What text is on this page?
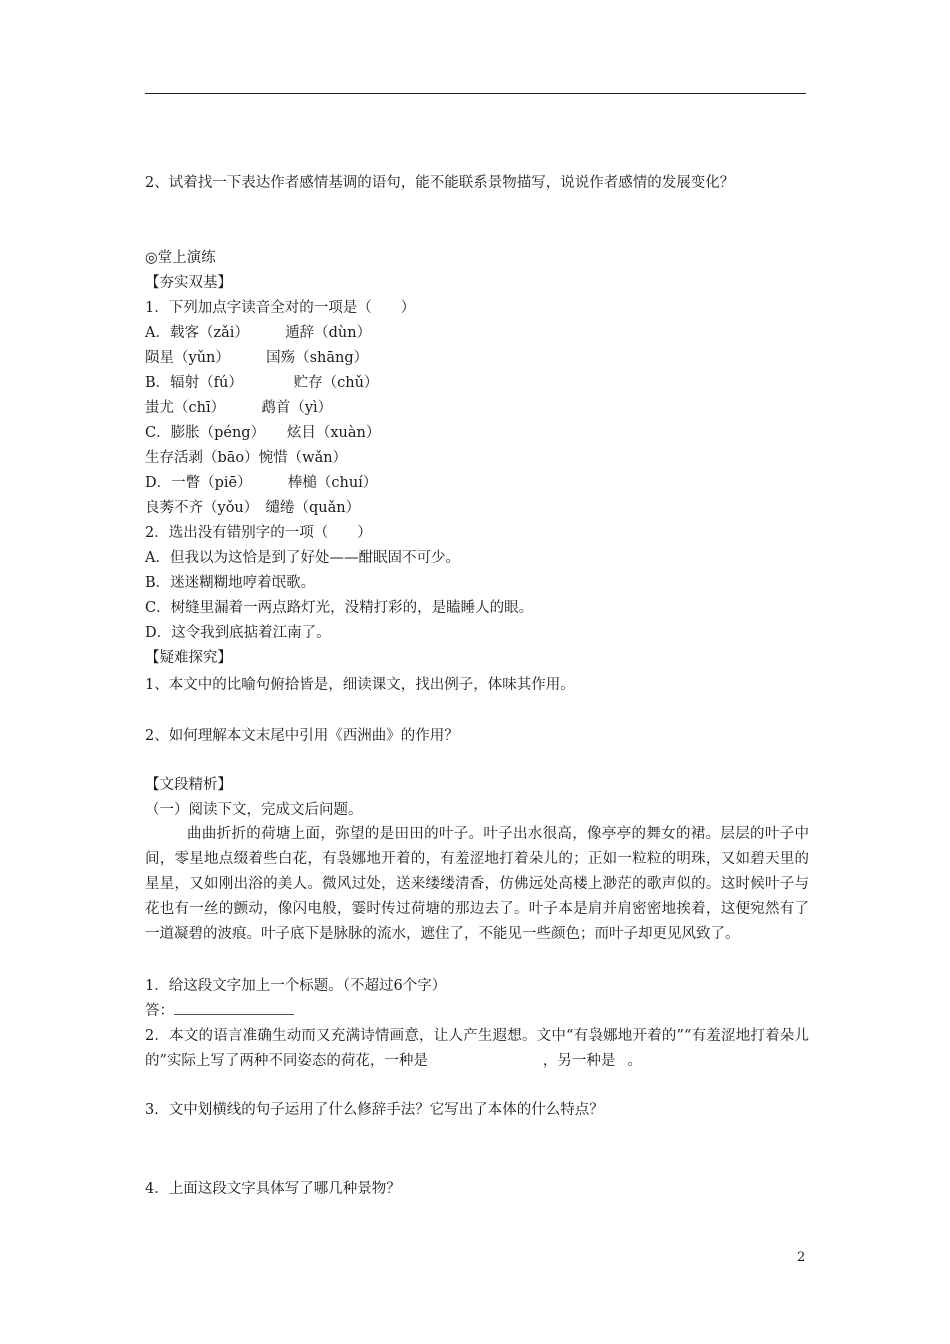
2、试着找一下表达作者感情基调的语句，能不能联系景物描写，说说作者感情的发展变化？
◎堂上演练
【夯实双基】
1．下列加点字读音全对的一项是（　　）
A．载客（zǎi）　　　遁辞（dùn）
陨星（yǔn）　　　国殇（shāng）
B．辐射（fú）　　　　贮存（chǔ）
蚩尤（chī）　　　鹉首（yì）
C．膨胀（péng）　　炫目（xuàn）
生存活剥（bāo）惋惜（wǎn）
D．一瞥（piē）　　　棒槌（chuí）
良莠不齐（yǒu）　缱绻（quǎn）
2．选出没有错别字的一项（　　）
A．但我以为这恰是到了好处——酣眠固不可少。
B．迷迷糊糊地哼着氓歌。
C．树缝里漏着一两点路灯光，没精打彩的，是瞌睡人的眼。
D．这令我到底掂着江南了。
【疑难探究】
1、本文中的比喻句俯拾皆是，细读课文，找出例子，体味其作用。
2、如何理解本文末尾中引用《西洲曲》的作用？
【文段精析】
（一）阅读下文，完成文后问题。
曲曲折折的荷塘上面，弥望的是田田的叶子。叶子出水很高，像亭亭的舞女的裙。层层的叶子中间，零星地点缀着些白花，有袅娜地开着的，有羞涩地打着朵儿的；正如一粒粒的明珠，又如碧天里的星星，又如刚出浴的美人。微风过处，送来缕缕清香，仿佛远处高楼上渺茫的歌声似的。这时候叶子与花也有一丝的颤动，像闪电般，霎时传过荷塘的那边去了。叶子本是肩并肩密密地挨着，这便宛然有了一道凝碧的波痕。叶子底下是脉脉的流水，遮住了，不能见一些颜色；而叶子却更见风致了。
1．给这段文字加上一个标题。（不超过6个字）
答：
2．本文的语言准确生动而又充满诗情画意，让人产生遐想。文中“有袅娜地开着的”“有羞涩地打着朵儿的”实际上写了两种不同姿态的荷花，一种是	，另一种是 。
3．文中划横线的句子运用了什么修辞手法？它写出了本体的什么特点？
4．上面这段文字具体写了哪几种景物？
2
